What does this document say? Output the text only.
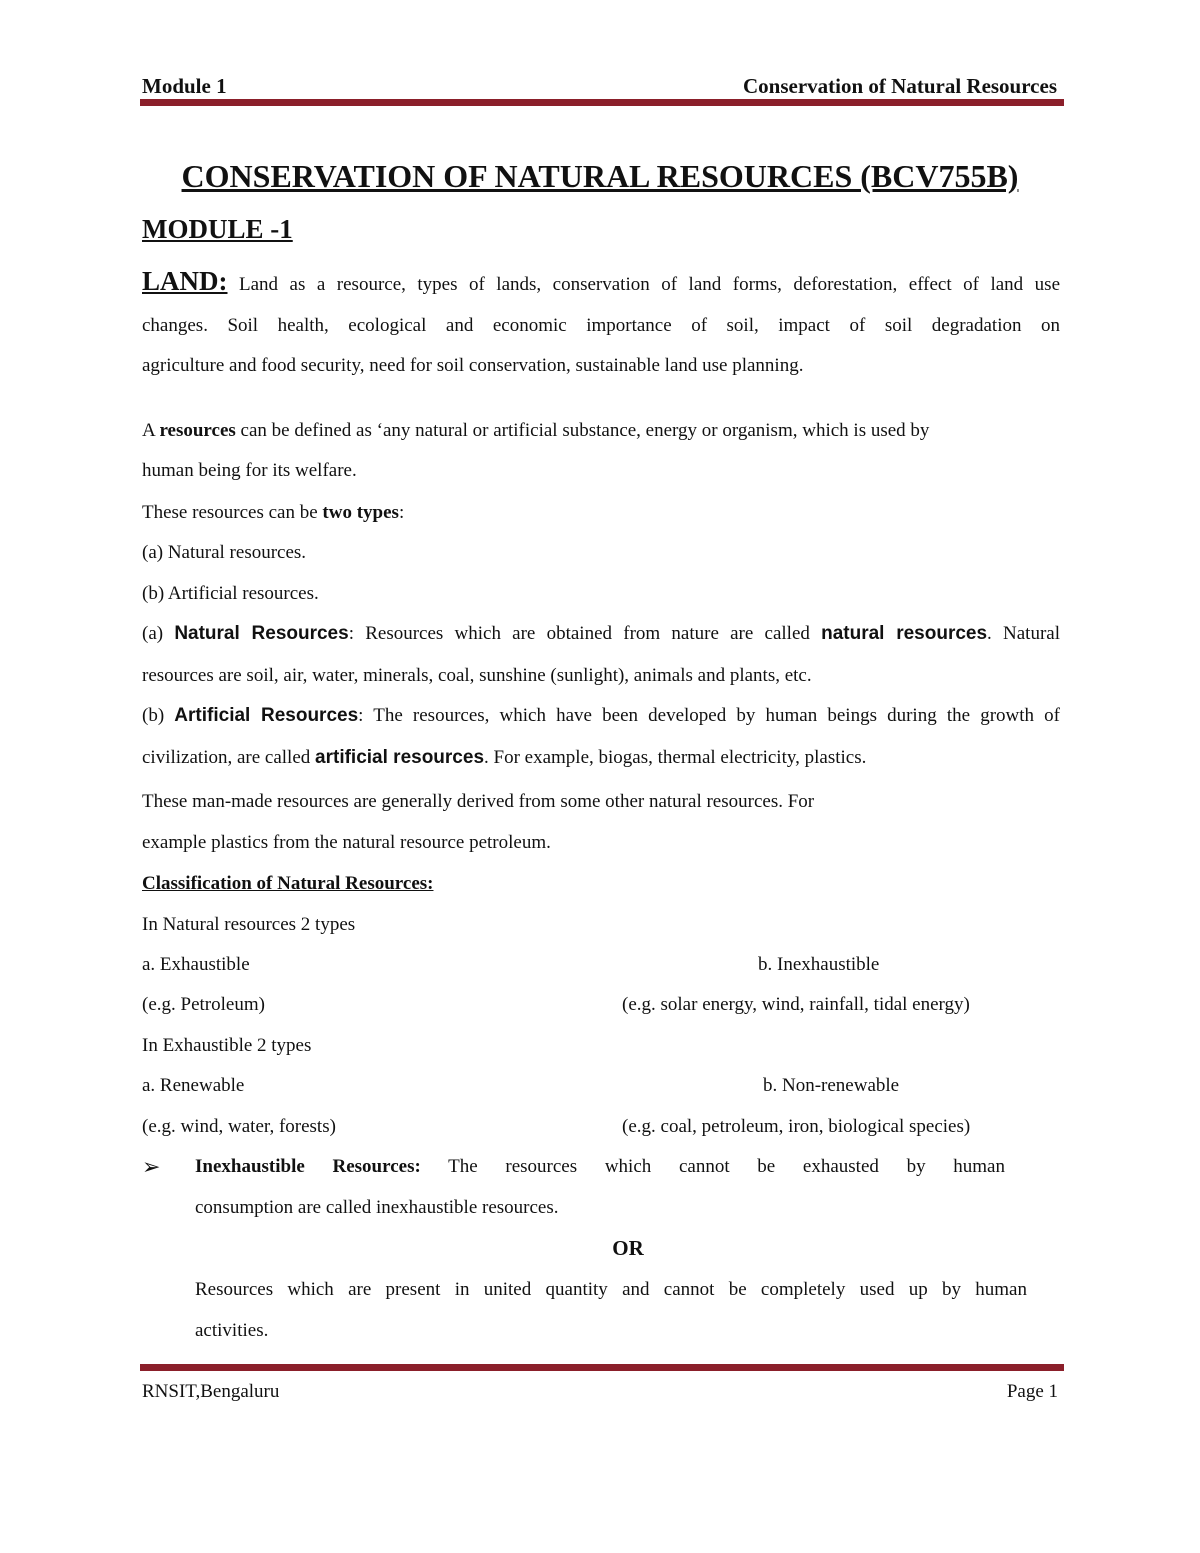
Module 1	Conservation of Natural Resources
CONSERVATION OF NATURAL RESOURCES (BCV755B)
MODULE -1
LAND: Land as a resource, types of lands, conservation of land forms, deforestation, effect of land use
changes. Soil health, ecological and economic importance of soil, impact of soil degradation on
agriculture and food security, need for soil conservation, sustainable land use planning.
A resources can be defined as ‘any natural or artificial substance, energy or organism, which is used by
human being for its welfare.
These resources can be two types:
(a) Natural resources.
(b) Artificial resources.
(a) Natural Resources: Resources which are obtained from nature are called natural resources. Natural
resources are soil, air, water, minerals, coal, sunshine (sunlight), animals and plants, etc.
(b) Artificial Resources: The resources, which have been developed by human beings during the growth of
civilization, are called artificial resources. For example, biogas, thermal electricity, plastics.
These man-made resources are generally derived from some other natural resources. For
example plastics from the natural resource petroleum.
Classification of Natural Resources:
In Natural resources 2 types
a. Exhaustible	b. Inexhaustible
(e.g. Petroleum)	(e.g. solar energy, wind, rainfall, tidal energy)
In Exhaustible 2 types
a. Renewable	b. Non-renewable
(e.g. wind, water, forests)	(e.g. coal, petroleum, iron, biological species)
➢ Inexhaustible Resources: The resources which cannot be exhausted by human
consumption are called inexhaustible resources.
OR
Resources which are present in united quantity and cannot be completely used up by human
activities.
RNSIT,Bengaluru	Page 1
